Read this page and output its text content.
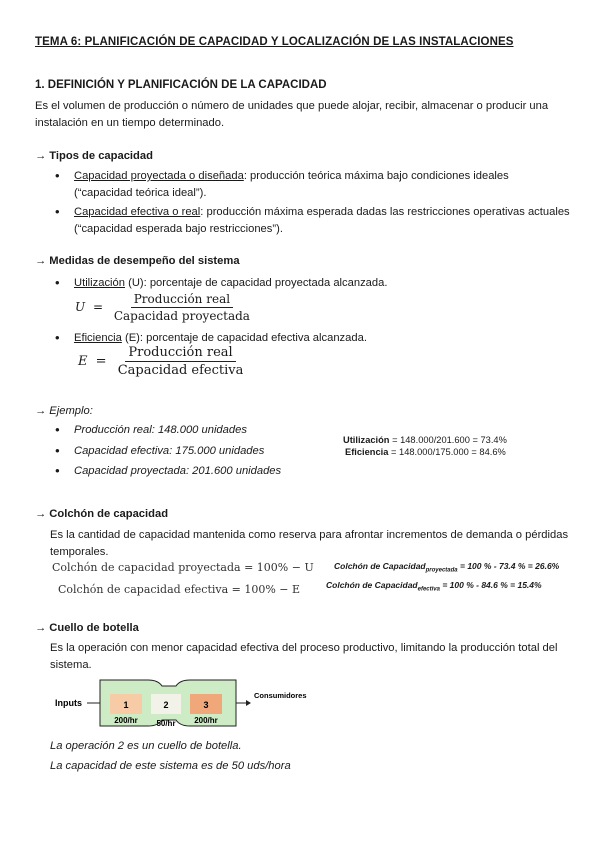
TEMA 6: PLANIFICACIÓN DE CAPACIDAD Y LOCALIZACIÓN DE LAS INSTALACIONES
1. DEFINICIÓN Y PLANIFICACIÓN DE LA CAPACIDAD
Es el volumen de producción o número de unidades que puede alojar, recibir, almacenar o producir una
instalación en un tiempo determinado.
→ Tipos de capacidad
• Capacidad proyectada o diseñada: producción teórica máxima bajo condiciones ideales
(“capacidad teórica ideal”).
• Capacidad efectiva o real: producción máxima esperada dadas las restricciones operativas actuales
(“capacidad esperada bajo restricciones”).
→ Medidas de desempeño del sistema
• Utilización (U): porcentaje de capacidad proyectada alcanzada.
$U = \frac{\text{Producción real}}{\text{Capacidad proyectada}}$
• Eficiencia (E): porcentaje de capacidad efectiva alcanzada.
$E = \frac{\text{Producción real}}{\text{Capacidad efectiva}}$
→ Ejemplo:
• Producción real: 148.000 unidades
• Capacidad efectiva: 175.000 unidades
• Capacidad proyectada: 201.600 unidades
Utilización = 148.000/201.600 = 73.4%
Eficiencia = 148.000/175.000 = 84.6%
→ Colchón de capacidad
Es la cantidad de capacidad mantenida como reserva para afrontar incrementos de demanda o pérdidas
temporales.
Colchón de capacidad proyectada = 100% − U
Colchón de capacidad efectiva = 100% − E
Colchón de Capacidad$_{proyectada}$ = 100 % - 73.4 % = 26.6%
Colchón de Capacidad$_{efectiva}$ = 100 % - 84.6 % = 15.4%
→ Cuello de botella
Es la operación con menor capacidad efectiva del proceso productivo, limitando la producción total del
sistema.
Inputs	1	2	3
200/hr 50/hr 200/hr
Consumidores
La operación 2 es un cuello de botella.
La capacidad de este sistema es de 50 uds/hora
